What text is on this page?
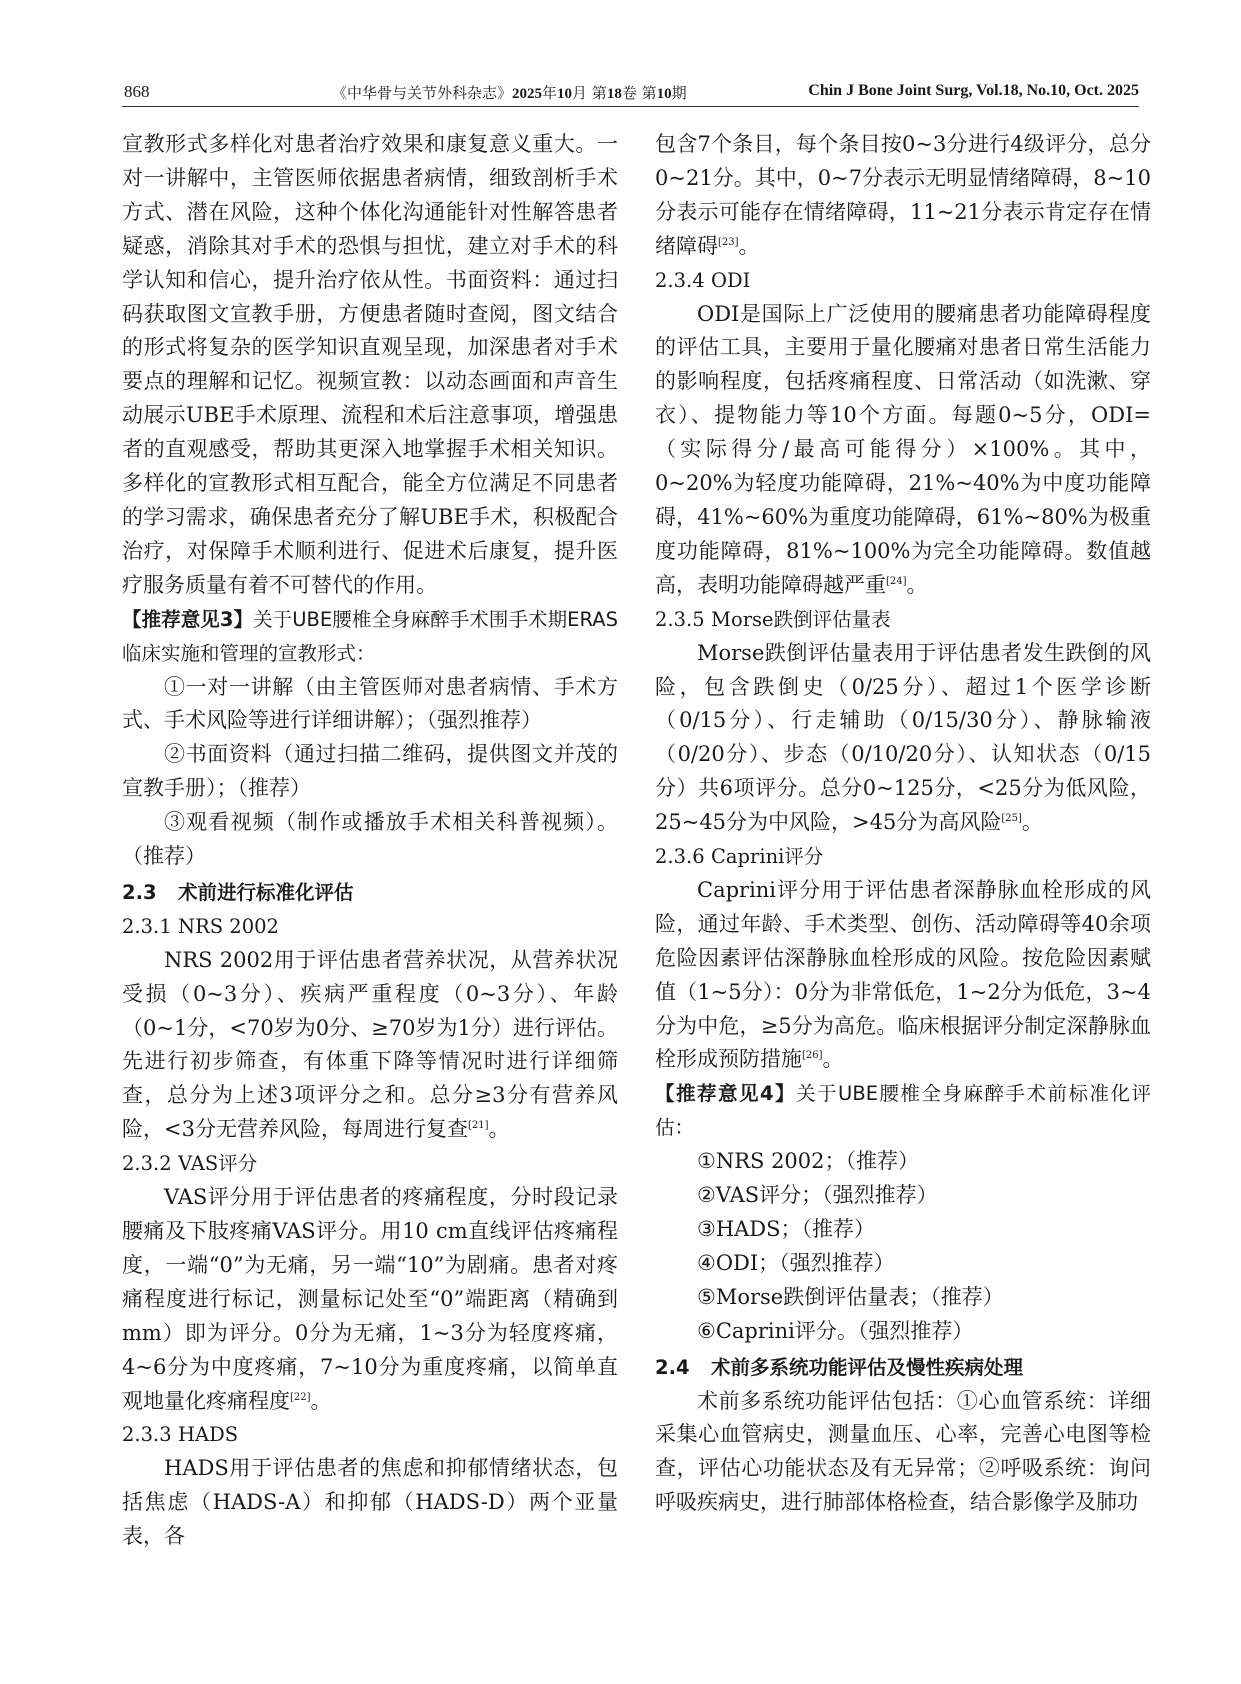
868	《中华骨与关节外科杂志》2025年10月 第18卷 第10期	Chin J Bone Joint Surg, Vol.18, No.10, Oct. 2025

宣教形式多样化对患者治疗效果和康复意义重大。一对一讲解中，主管医师依据患者病情，细致剖析手术方式、潜在风险，这种个体化沟通能针对性解答患者疑惑，消除其对手术的恐惧与担忧，建立对手术的科学认知和信心，提升治疗依从性。书面资料：通过扫码获取图文宣教手册，方便患者随时查阅，图文结合的形式将复杂的医学知识直观呈现，加深患者对手术要点的理解和记忆。视频宣教：以动态画面和声音生动展示UBE手术原理、流程和术后注意事项，增强患者的直观感受，帮助其更深入地掌握手术相关知识。多样化的宣教形式相互配合，能全方位满足不同患者的学习需求，确保患者充分了解UBE手术，积极配合治疗，对保障手术顺利进行、促进术后康复，提升医疗服务质量有着不可替代的作用。

【推荐意见3】关于UBE腰椎全身麻醉手术围手术期ERAS临床实施和管理的宣教形式：

①一对一讲解（由主管医师对患者病情、手术方式、手术风险等进行详细讲解）；（强烈推荐）

②书面资料（通过扫描二维码，提供图文并茂的宣教手册）；（推荐）

③观看视频（制作或播放手术相关科普视频）。（推荐）

2.3 术前进行标准化评估
2.3.1 NRS 2002

NRS 2002用于评估患者营养状况，从营养状况受损（0~3分）、疾病严重程度（0~3分）、年龄（0~1分，<70岁为0分、≥70岁为1分）进行评估。先进行初步筛查，有体重下降等情况时进行详细筛查，总分为上述3项评分之和。总分≥3分有营养风险，<3分无营养风险，每周进行复查[21]。

2.3.2 VAS评分

VAS评分用于评估患者的疼痛程度，分时段记录腰痛及下肢疼痛VAS评分。用10 cm直线评估疼痛程度，一端“0”为无痛，另一端“10”为剧痛。患者对疼痛程度进行标记，测量标记处至“0”端距离（精确到mm）即为评分。0分为无痛，1~3分为轻度疼痛，4~6分为中度疼痛，7~10分为重度疼痛，以简单直观地量化疼痛程度[22]。

2.3.3 HADS

HADS用于评估患者的焦虑和抑郁情绪状态，包括焦虑（HADS-A）和抑郁（HADS-D）两个亚量表，各

包含7个条目，每个条目按0~3分进行4级评分，总分0~21分。其中，0~7分表示无明显情绪障碍，8~10分表示可能存在情绪障碍，11~21分表示肯定存在情绪障碍[23]。

2.3.4 ODI

ODI是国际上广泛使用的腰痛患者功能障碍程度的评估工具，主要用于量化腰痛对患者日常生活能力的影响程度，包括疼痛程度、日常活动（如洗漱、穿衣）、提物能力等10个方面。每题0~5分，ODI=（实际得分/最高可能得分）×100%。其中，0~20%为轻度功能障碍，21%~40%为中度功能障碍，41%~60%为重度功能障碍，61%~80%为极重度功能障碍，81%~100%为完全功能障碍。数值越高，表明功能障碍越严重[24]。

2.3.5 Morse跌倒评估量表

Morse跌倒评估量表用于评估患者发生跌倒的风险，包含跌倒史（0/25分）、超过1个医学诊断（0/15分）、行走辅助（0/15/30分）、静脉输液（0/20分）、步态（0/10/20分）、认知状态（0/15分）共6项评分。总分0~125分，<25分为低风险，25~45分为中风险，>45分为高风险[25]。

2.3.6 Caprini评分

Caprini评分用于评估患者深静脉血栓形成的风险，通过年龄、手术类型、创伤、活动障碍等40余项危险因素评估深静脉血栓形成的风险。按危险因素赋值（1~5分）：0分为非常低危，1~2分为低危，3~4分为中危，≥5分为高危。临床根据评分制定深静脉血栓形成预防措施[26]。

【推荐意见4】关于UBE腰椎全身麻醉手术前标准化评估：

①NRS 2002；（推荐）

②VAS评分；（强烈推荐）

③HADS；（推荐）

④ODI；（强烈推荐）

⑤Morse跌倒评估量表；（推荐）

⑥Caprini评分。（强烈推荐）

2.4 术前多系统功能评估及慢性疾病处理

术前多系统功能评估包括：①心血管系统：详细采集心血管病史，测量血压、心率，完善心电图等检查，评估心功能状态及有无异常；②呼吸系统：询问呼吸疾病史，进行肺部体格检查，结合影像学及肺功
